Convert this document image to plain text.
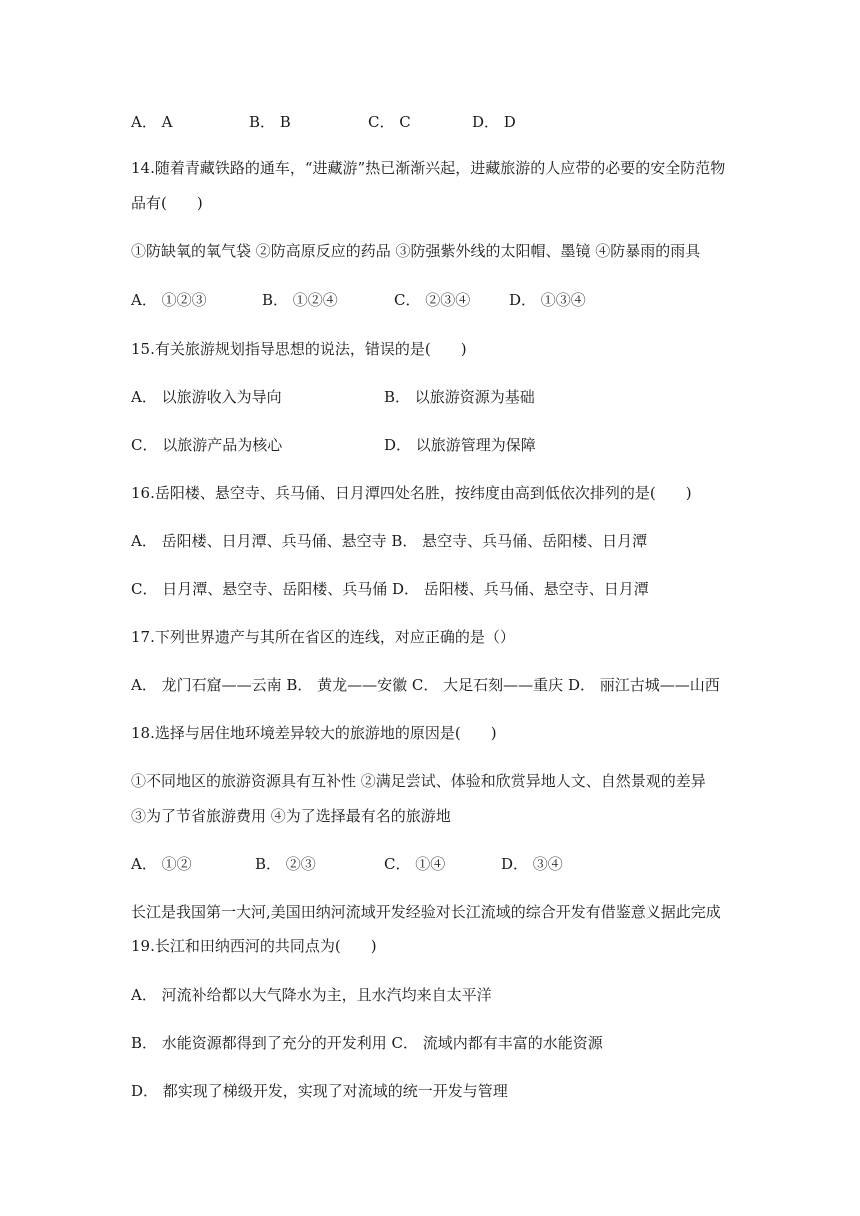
A． A	B． B	C． C	D． D
14.随着青藏铁路的通车，“进藏游”热已渐渐兴起，进藏旅游的人应带的必要的安全防范物
品有(　　)
①防缺氧的氧气袋 ②防高原反应的药品 ③防强紫外线的太阳帽、墨镜 ④防暴雨的雨具
A． ①②③	B． ①②④	C． ②③④	D． ①③④
15.有关旅游规划指导思想的说法，错误的是(　　)
A． 以旅游收入为导向	B． 以旅游资源为基础
C． 以旅游产品为核心	D． 以旅游管理为保障
16.岳阳楼、悬空寺、兵马俑、日月潭四处名胜，按纬度由高到低依次排列的是(　　)
A． 岳阳楼、日月潭、兵马俑、悬空寺 B． 悬空寺、兵马俑、岳阳楼、日月潭
C． 日月潭、悬空寺、岳阳楼、兵马俑 D． 岳阳楼、兵马俑、悬空寺、日月潭
17.下列世界遗产与其所在省区的连线，对应正确的是（）
A． 龙门石窟——云南 B． 黄龙——安徽 C． 大足石刻——重庆 D． 丽江古城——山西
18.选择与居住地环境差异较大的旅游地的原因是(　　)
①不同地区的旅游资源具有互补性 ②满足尝试、体验和欣赏异地人文、自然景观的差异
③为了节省旅游费用 ④为了选择最有名的旅游地
A． ①②	B． ②③	C． ①④	D． ③④
长江是我国第一大河,美国田纳河流域开发经验对长江流域的综合开发有借鉴意义据此完成
19.长江和田纳西河的共同点为(　　)
A． 河流补给都以大气降水为主，且水汽均来自太平洋
B． 水能资源都得到了充分的开发利用 C． 流域内都有丰富的水能资源
D． 都实现了梯级开发，实现了对流域的统一开发与管理
